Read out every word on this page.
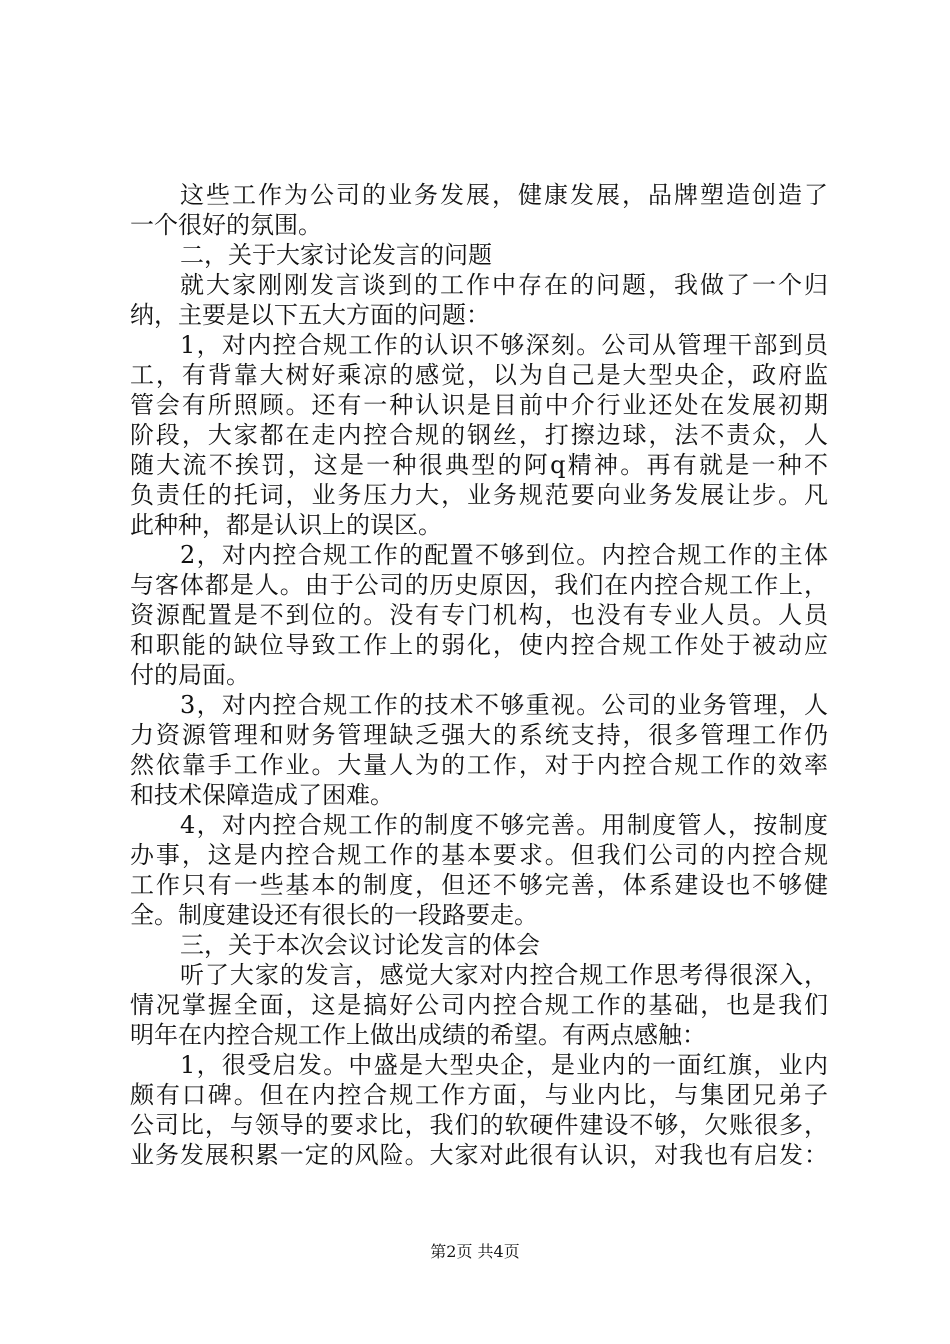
这些工作为公司的业务发展，健康发展，品牌塑造创造了
一个很好的氛围。
二，关于大家讨论发言的问题
就大家刚刚发言谈到的工作中存在的问题，我做了一个归
纳，主要是以下五大方面的问题：
1，对内控合规工作的认识不够深刻。公司从管理干部到员
工，有背靠大树好乘凉的感觉，以为自己是大型央企，政府监
管会有所照顾。还有一种认识是目前中介行业还处在发展初期
阶段，大家都在走内控合规的钢丝，打擦边球，法不责众，人
随大流不挨罚，这是一种很典型的阿q精神。再有就是一种不
负责任的托词，业务压力大，业务规范要向业务发展让步。凡
此种种，都是认识上的误区。
2，对内控合规工作的配置不够到位。内控合规工作的主体
与客体都是人。由于公司的历史原因，我们在内控合规工作上，
资源配置是不到位的。没有专门机构，也没有专业人员。人员
和职能的缺位导致工作上的弱化，使内控合规工作处于被动应
付的局面。
3，对内控合规工作的技术不够重视。公司的业务管理，人
力资源管理和财务管理缺乏强大的系统支持，很多管理工作仍
然依靠手工作业。大量人为的工作，对于内控合规工作的效率
和技术保障造成了困难。
4，对内控合规工作的制度不够完善。用制度管人，按制度
办事，这是内控合规工作的基本要求。但我们公司的内控合规
工作只有一些基本的制度，但还不够完善，体系建设也不够健
全。制度建设还有很长的一段路要走。
三，关于本次会议讨论发言的体会
听了大家的发言，感觉大家对内控合规工作思考得很深入，
情况掌握全面，这是搞好公司内控合规工作的基础，也是我们
明年在内控合规工作上做出成绩的希望。有两点感触：
1，很受启发。中盛是大型央企，是业内的一面红旗，业内
颇有口碑。但在内控合规工作方面，与业内比，与集团兄弟子
公司比，与领导的要求比，我们的软硬件建设不够，欠账很多，
业务发展积累一定的风险。大家对此很有认识，对我也有启发：
第2页 共4页
